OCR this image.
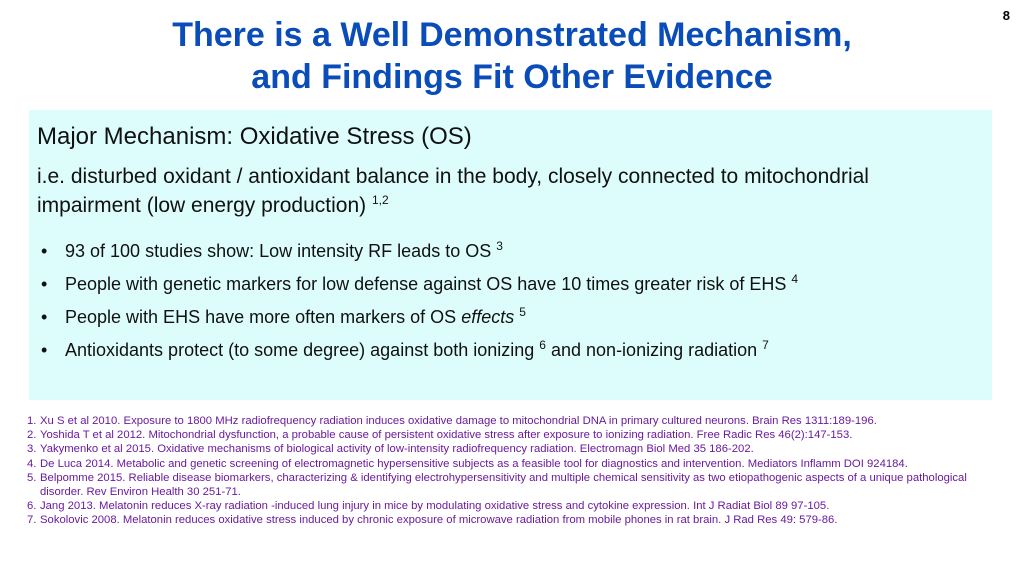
8
There is a Well Demonstrated Mechanism,
and Findings Fit Other Evidence
Major Mechanism: Oxidative Stress (OS)
i.e. disturbed oxidant / antioxidant balance in the body, closely connected to mitochondrial impairment (low energy production) $^{1,2}$
• 93 of 100 studies show: Low intensity RF leads to OS $^3$
• People with genetic markers for low defense against OS have 10 times greater risk of EHS $^4$
• People with EHS have more often markers of OS effects $^5$
• Antioxidants protect (to some degree) against both ionizing $^6$ and non-ionizing radiation $^7$
1. Xu S et al 2010. Exposure to 1800 MHz radiofrequency radiation induces oxidative damage to mitochondrial DNA in primary cultured neurons. Brain Res 1311:189-196.
2. Yoshida T et al 2012. Mitochondrial dysfunction, a probable cause of persistent oxidative stress after exposure to ionizing radiation. Free Radic Res 46(2):147-153.
3. Yakymenko et al 2015. Oxidative mechanisms of biological activity of low-intensity radiofrequency radiation. Electromagn Biol Med 35 186-202.
4. De Luca 2014. Metabolic and genetic screening of electromagnetic hypersensitive subjects as a feasible tool for diagnostics and intervention. Mediators Inflamm DOI 924184.
5. Belpomme 2015. Reliable disease biomarkers, characterizing & identifying electrohypersensitivity and multiple chemical sensitivity as two etiopathogenic aspects of a unique pathological disorder. Rev Environ Health 30 251-71.
6. Jang 2013. Melatonin reduces X-ray radiation -induced lung injury in mice by modulating oxidative stress and cytokine expression. Int J Radiat Biol 89 97-105.
7. Sokolovic 2008. Melatonin reduces oxidative stress induced by chronic exposure of microwave radiation from mobile phones in rat brain. J Rad Res 49: 579-86.
